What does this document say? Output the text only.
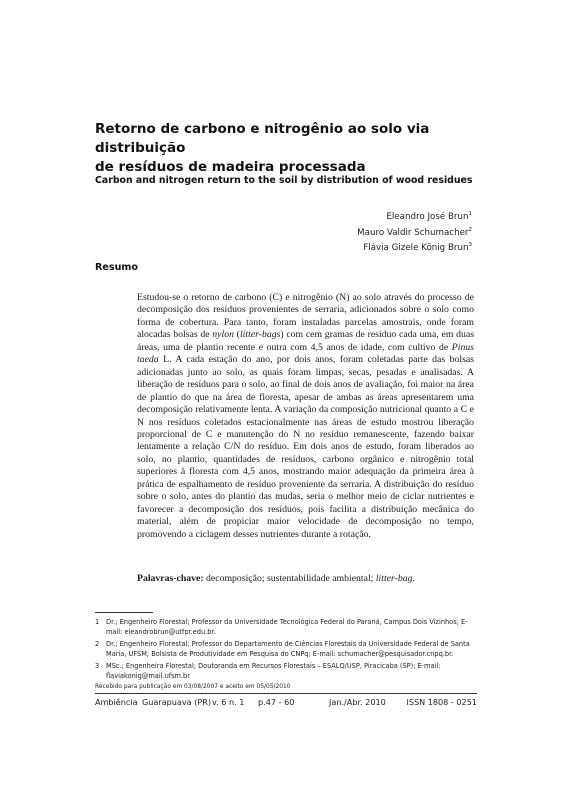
Retorno de carbono e nitrogênio ao solo via distribuição
de resíduos de madeira processada
Carbon and nitrogen return to the soil by distribution of wood residues
Eleandro José Brun$^1$
Mauro Valdir Schumacher$^2$
Flávia Gizele König Brun$^3$
Resumo

Estudou-se o retorno de carbono (C) e nitrogênio (N) ao solo através do processo de decomposição dos resíduos provenientes de serraria, adicionados sobre o solo como forma de cobertura. Para tanto, foram instaladas parcelas amostrais, onde foram alocadas bolsas de nylon (litter-bags) com cem gramas de resíduo cada uma, em duas áreas, uma de plantio recente e outra com 4,5 anos de idade, com cultivo de Pinus taeda L. A cada estação do ano, por dois anos, foram coletadas parte das bolsas adicionadas junto ao solo, as quais foram limpas, secas, pesadas e analisadas. A liberação de resíduos para o solo, ao final de dois anos de avaliação, foi maior na área de plantio do que na área de floresta, apesar de ambas as áreas apresentarem uma decomposição relativamente lenta. A variação da composição nutricional quanto a C e N nos resíduos coletados estacionalmente nas áreas de estudo mostrou liberação proporcional de C e manutenção do N no resíduo remanescente, fazendo baixar lentamente a relação C/N do resíduo. Em dois anos de estudo, foram liberados ao solo, no plantio, quantidades de resíduos, carbono orgânico e nitrogênio total superiores à floresta com 4,5 anos, mostrando maior adequação da primeira área à prática de espalhamento de resíduo proveniente da serraria. A distribuição do resíduo sobre o solo, antes do plantio das mudas, seria o melhor meio de ciclar nutrientes e favorecer a decomposição dos resíduos, pois facilita a distribuição mecânica do material, além de propiciar maior velocidade de decomposição no tempo, promovendo a ciclagem desses nutrientes durante a rotação.

Palavras-chave: decomposição; sustentabilidade ambiental; litter-bag.
1	Dr.; Engenheiro Florestal; Professor da Universidade Tecnológica Federal do Paraná, Campus Dois Vizinhos; E-mail: eleandrobrun@utfpr.edu.br.
2	Dr.; Engenheiro Florestal; Professor do Departamento de Ciências Florestais da Universidade Federal de Santa Maria, UFSM; Bolsista de Produtividade em Pesquisa do CNPq; E-mail: schumacher@pesquisador.cnpq.br.
3	MSc.; Engenheira Florestal; Doutoranda em Recursos Florestais – ESALQ/USP, Piracicaba (SP); E-mail: flaviakonig@mail.ufsm.br
Recebido para publicação em 03/08/2007 e aceito em 05/05/2010
Ambiência Guarapuava (PR) v. 6 n. 1	p.47 - 60	Jan./Abr. 2010	ISSN 1808 - 0251
